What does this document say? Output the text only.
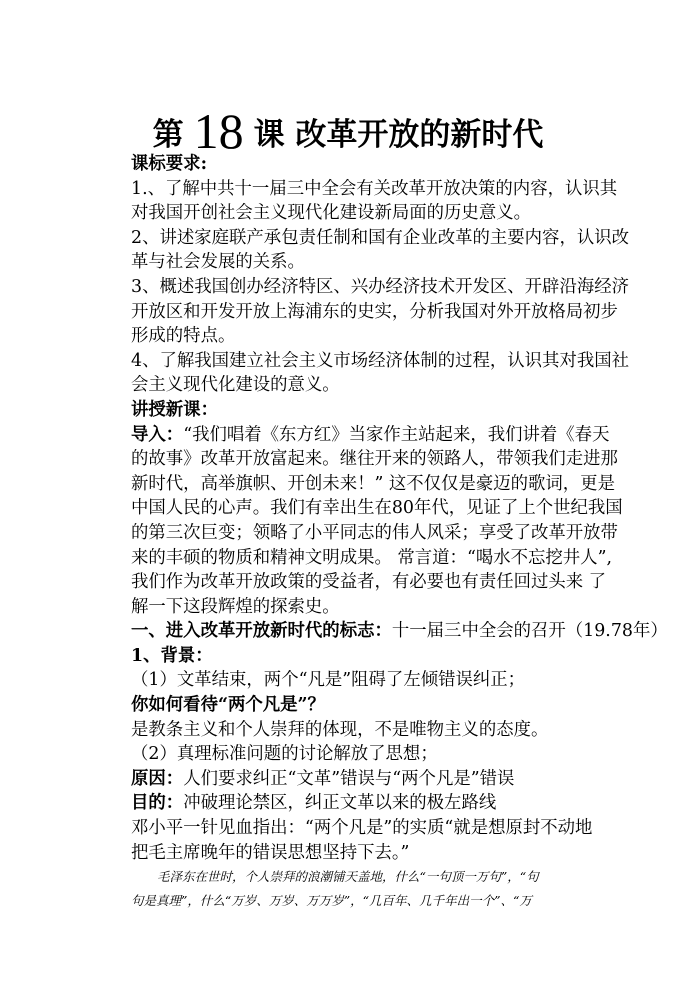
第 18 课 改革开放的新时代
课标要求:
1.、了解中共十一届三中全会有关改革开放决策的内容，认识其
对我国开创社会主义现代化建设新局面的历史意义。
2、讲述家庭联产承包责任制和国有企业改革的主要内容，认识改
革与社会发展的关系。
3、概述我国创办经济特区、兴办经济技术开发区、开辟沿海经济
开放区和开发开放上海浦东的史实，分析我国对外开放格局初步
形成的特点。
4、了解我国建立社会主义市场经济体制的过程，认识其对我国社
会主义现代化建设的意义。
讲授新课：
导入：“我们唱着《东方红》当家作主站起来，我们讲着《春天
的故事》改革开放富起来。继往开来的领路人，带领我们走进那
新时代，高举旗帜、开创未来！” 这不仅仅是豪迈的歌词，更是
中国人民的心声。我们有幸出生在80年代，见证了上个世纪我国
的第三次巨变；领略了小平同志的伟人风采；享受了改革开放带
来的丰硕的物质和精神文明成果。 常言道：“喝水不忘挖井人”,
我们作为改革开放政策的受益者，有必要也有责任回过头来 了
解一下这段辉煌的探索史。
一、进入改革开放新时代的标志：十一届三中全会的召开（19.78年）
1、背景：
（1）文革结束，两个“凡是”阻碍了左倾错误纠正；
你如何看待“两个凡是”？
是教条主义和个人崇拜的体现，不是唯物主义的态度。
（2）真理标准问题的讨论解放了思想；
原因：人们要求纠正“文革”错误与“两个凡是”错误
目的：冲破理论禁区，纠正文革以来的极左路线
邓小平一针见血指出：“两个凡是”的实质“就是想原封不动地
把毛主席晚年的错误思想坚持下去。”
毛泽东在世时，个人崇拜的浪潮铺天盖地，什么“一句顶一万句”，“句
句是真理”，什么“万岁、万岁、万万岁”，“几百年、几千年出一个”、“万
